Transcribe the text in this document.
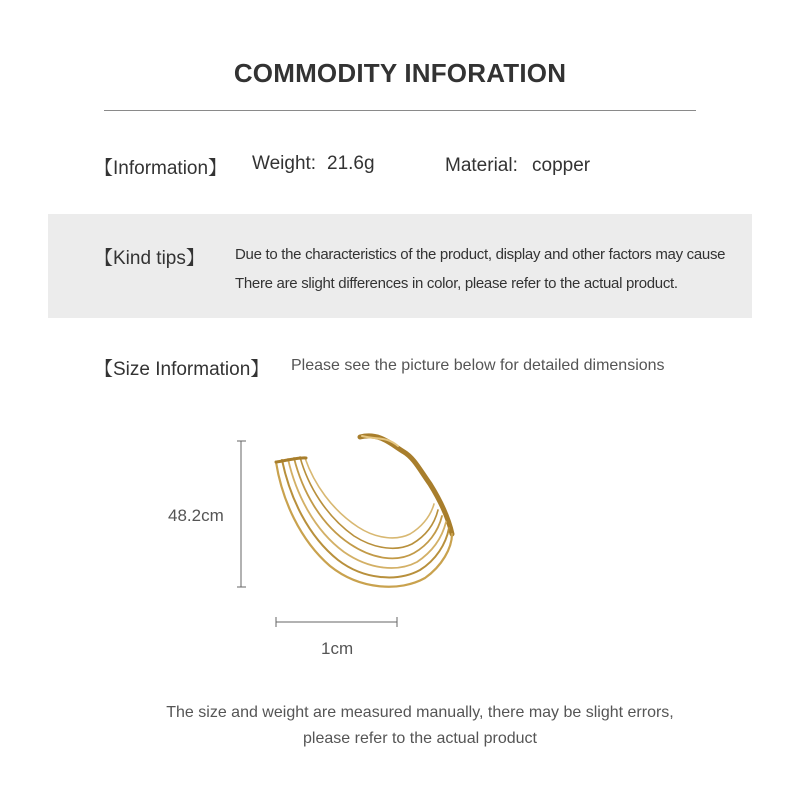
COMMODITY INFORATION
【Information】 Weight: 21.6g	Material: copper
【Kind tips】 Due to the characteristics of the product, display and other factors may cause
There are slight differences in color, please refer to the actual product.
【Size Information】 Please see the picture below for detailed dimensions
48.2cm
1cm
The size and weight are measured manually, there may be slight errors,
please refer to the actual product
